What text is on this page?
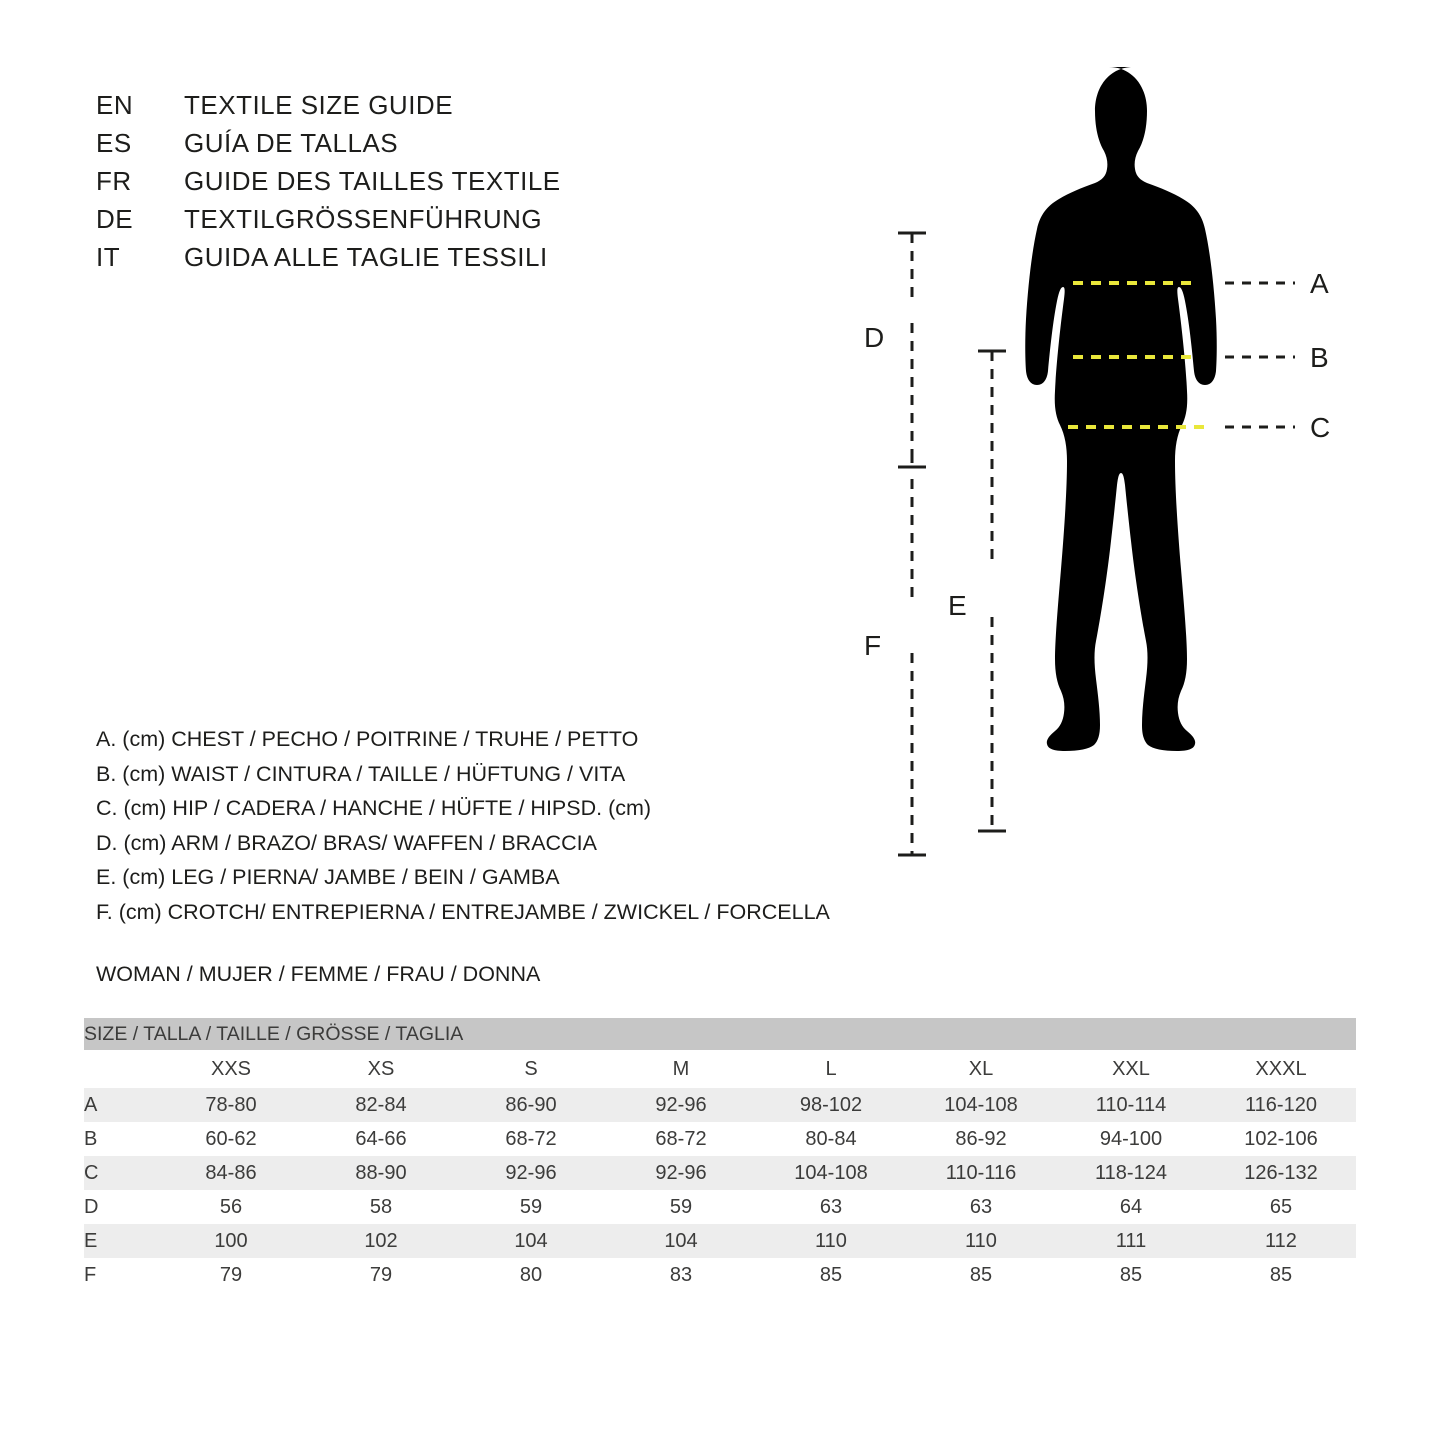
EN	TEXTILE SIZE GUIDE
ES	GUÍA DE TALLAS
FR	GUIDE DES TAILLES TEXTILE
DE	TEXTILGRÖSSENFÜHRUNG
IT	GUIDA ALLE TAGLIE TESSILI
A
B
C
D
E
F
A. (cm) CHEST / PECHO / POITRINE / TRUHE / PETTO
B. (cm) WAIST / CINTURA / TAILLE / HÜFTUNG / VITA
C. (cm) HIP / CADERA / HANCHE / HÜFTE / HIPSD. (cm)
D. (cm) ARM / BRAZO/ BRAS/ WAFFEN / BRACCIA
E. (cm) LEG / PIERNA/ JAMBE / BEIN / GAMBA
F. (cm) CROTCH/ ENTREPIERNA / ENTREJAMBE / ZWICKEL / FORCELLA
WOMAN / MUJER / FEMME / FRAU / DONNA
SIZE / TALLA / TAILLE / GRÖSSE / TAGLIA								
	XXS	XS	S	M	L	XL	XXL	XXXL
A	78-80	82-84	86-90	92-96	98-102	104-108	110-114	116-120
B	60-62	64-66	68-72	68-72	80-84	86-92	94-100	102-106
C	84-86	88-90	92-96	92-96	104-108	110-116	118-124	126-132
D	56	58	59	59	63	63	64	65
E	100	102	104	104	110	110	111	112
F	79	79	80	83	85	85	85	85
